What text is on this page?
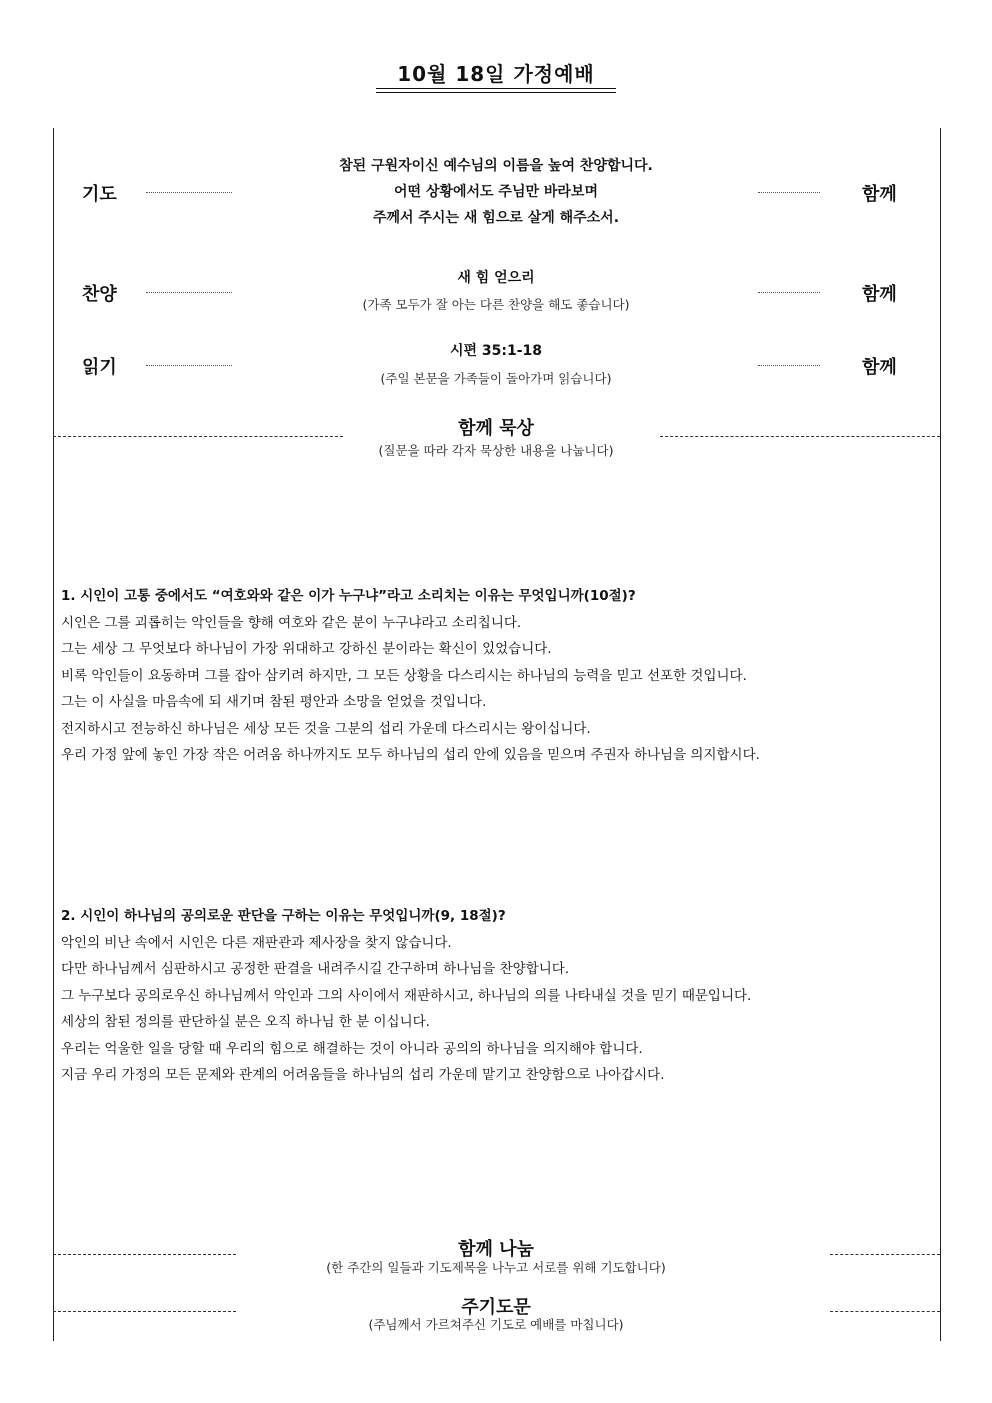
10월 18일 가정예배
기도
참된 구원자이신 예수님의 이름을 높여 찬양합니다.
어떤 상황에서도 주님만 바라보며
주께서 주시는 새 힘으로 살게 해주소서.
함께
찬양
새 힘 얻으리
(가족 모두가 잘 아는 다른 찬양을 해도 좋습니다)	함께
읽기
시편 35:1-18
(주일 본문을 가족들이 돌아가며 읽습니다)
함께
함께 묵상
(질문을 따라 각자 묵상한 내용을 나눕니다)
1. 시인이 고통 중에서도 “여호와와 같은 이가 누구냐”라고 소리치는 이유는 무엇입니까(10절)?
시인은 그를 괴롭히는 악인들을 향해 여호와 같은 분이 누구냐라고 소리칩니다.
그는 세상 그 무엇보다 하나님이 가장 위대하고 강하신 분이라는 확신이 있었습니다.
비록 악인들이 요동하며 그를 잡아 삼키려 하지만, 그 모든 상황을 다스리시는 하나님의 능력을 믿고 선포한 것입니다.
그는 이 사실을 마음속에 되 새기며 참된 평안과 소망을 얻었을 것입니다.
전지하시고 전능하신 하나님은 세상 모든 것을 그분의 섭리 가운데 다스리시는 왕이십니다.
우리 가정 앞에 놓인 가장 작은 어려움 하나까지도 모두 하나님의 섭리 안에 있음을 믿으며 주권자 하나님을 의지합시다.
2. 시인이 하나님의 공의로운 판단을 구하는 이유는 무엇입니까(9, 18절)?
악인의 비난 속에서 시인은 다른 재판관과 제사장을 찾지 않습니다.
다만 하나님께서 심판하시고 공정한 판결을 내려주시길 간구하며 하나님을 찬양합니다.
그 누구보다 공의로우신 하나님께서 악인과 그의 사이에서 재판하시고, 하나님의 의를 나타내실 것을 믿기 때문입니다.
세상의 참된 정의를 판단하실 분은 오직 하나님 한 분 이십니다.
우리는 억울한 일을 당할 때 우리의 힘으로 해결하는 것이 아니라 공의의 하나님을 의지해야 합니다.
지금 우리 가정의 모든 문제와 관계의 어려움들을 하나님의 섭리 가운데 맡기고 찬양함으로 나아갑시다.
함께 나눔
(한 주간의 일들과 기도제목을 나누고 서로를 위해 기도합니다)
주기도문
(주님께서 가르쳐주신 기도로 예배를 마칩니다)
